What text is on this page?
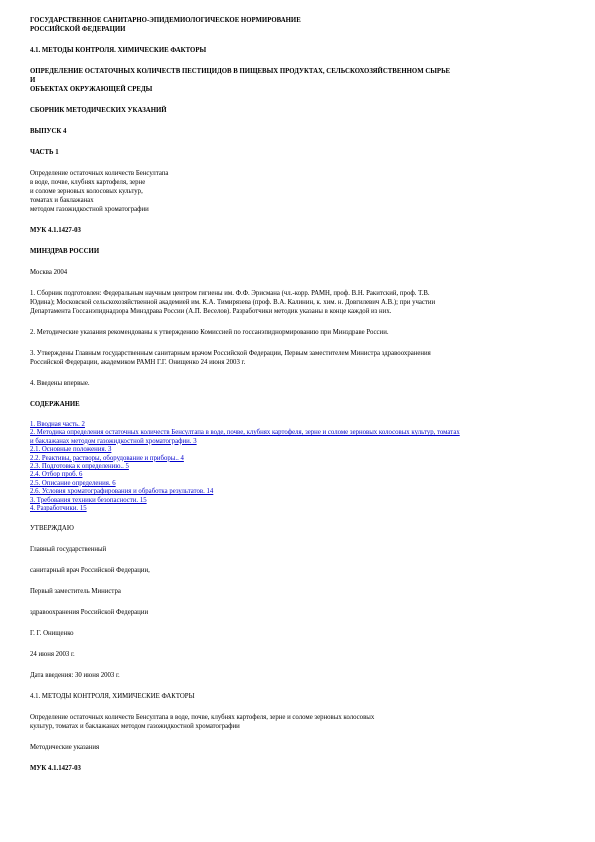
ГОСУДАРСТВЕННОЕ САНИТАРНО-ЭПИДЕМИОЛОГИЧЕСКОЕ НОРМИРОВАНИЕ

РОССИЙСКОЙ ФЕДЕРАЦИИ

4.1. МЕТОДЫ КОНТРОЛЯ. ХИМИЧЕСКИЕ ФАКТОРЫ

ОПРЕДЕЛЕНИЕ ОСТАТОЧНЫХ КОЛИЧЕСТВ ПЕСТИЦИДОВ В ПИЩЕВЫХ ПРОДУКТАХ, СЕЛЬСКОХОЗЯЙСТВЕННОМ СЫРЬЕ

И

ОБЪЕКТАХ ОКРУЖАЮЩЕЙ СРЕДЫ

СБОРНИК МЕТОДИЧЕСКИХ УКАЗАНИЙ

ВЫПУСК 4

ЧАСТЬ 1

Определение остаточных количеств Бенсултапа

в воде, почве, клубнях картофеля, зерне

и соломе зерновых колосовых культур,

томатах и баклажанах

методом газожидкостной хроматографии

МУК 4.1.1427-03

МИНЗДРАВ РОССИИ

Москва 2004

1. Сборник подготовлен: Федеральным научным центром гигиены им. Ф.Ф. Эрисмана (чл.-корр. РАМН, проф. В.Н. Ракитский, проф. Т.В.

Юдина); Московской сельскохозяйственной академией им. К.А. Тимирязева (проф. В.А. Калинин, к. хим. н. Довгилевич А.В.); при участии

Департамента Госсанэпиднадзора Минздрава России (А.П. Веселов). Разработчики методик указаны в конце каждой из них.

2. Методические указания рекомендованы к утверждению Комиссией по госсанэпиднормированию при Минздраве России.

3. Утверждены Главным государственным санитарным врачом Российской Федерации, Первым заместителем Министра здравоохранения

Российской Федерации, академиком РАМН Г.Г. Онищенко 24 июня 2003 г.

4. Введены впервые.

СОДЕРЖАНИЕ

1. Вводная часть. 2
2. Методика определения остаточных количеств Бенсултапа в воде, почве, клубнях картофеля, зерне и соломе зерновых колосовых культур, томатах
и баклажанах методом газожидкостной хроматографии. 3
2.1. Основные положения. 3
2.2. Реактивы, растворы, оборудование и приборы.. 4
2.3. Подготовка к определению.. 5
2.4. Отбор проб. 6
2.5. Описание определения. 6
2.6. Условия хроматографирования и обработка результатов. 14
3. Требования техники безопасности. 15
4. Разработчики. 15

УТВЕРЖДАЮ

Главный государственный

санитарный врач Российской Федерации,

Первый заместитель Министра

здравоохранения Российской Федерации

Г. Г. Онищенко

24 июня 2003 г.

Дата введения: 30 июня 2003 г.

4.1. МЕТОДЫ КОНТРОЛЯ, ХИМИЧЕСКИЕ ФАКТОРЫ

Определение остаточных количеств Бенсултапа в воде, почве, клубнях картофеля, зерне и соломе зерновых колосовых

культур, томатах и баклажанах методом газожидкостной хроматографии

Методические указания

МУК 4.1.1427-03
